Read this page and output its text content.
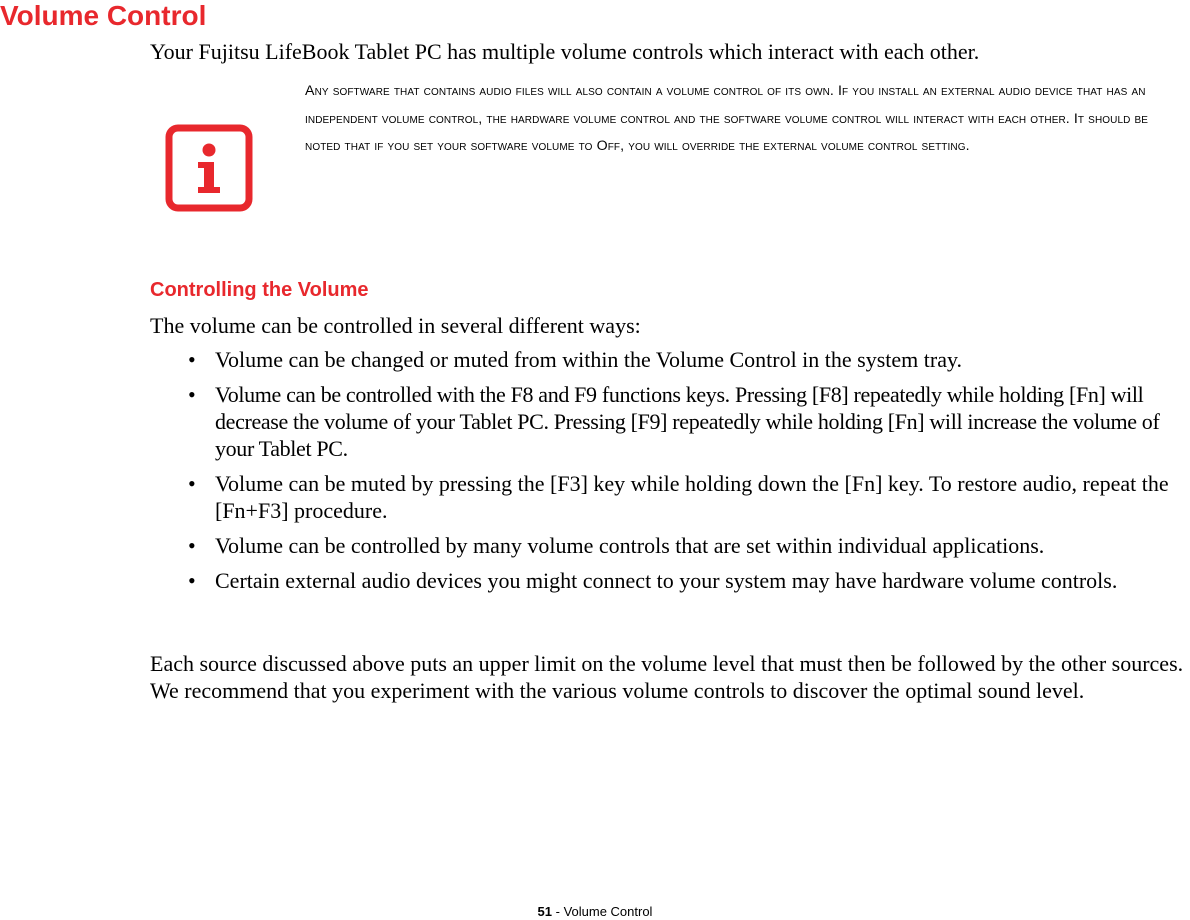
Volume Control

Your Fujitsu LifeBook Tablet PC has multiple volume controls which interact with each other.

Any software that contains audio files will also contain a volume control of its own. If you install an external audio device that has an independent volume control, the hardware volume control and the software volume control will interact with each other. It should be noted that if you set your software volume to Off, you will override the external volume control setting.

Controlling the Volume

The volume can be controlled in several different ways:

• Volume can be changed or muted from within the Volume Control in the system tray.
• Volume can be controlled with the F8 and F9 functions keys. Pressing [F8] repeatedly while holding [Fn] will decrease the volume of your Tablet PC. Pressing [F9] repeatedly while holding [Fn] will increase the volume of your Tablet PC.
• Volume can be muted by pressing the [F3] key while holding down the [Fn] key. To restore audio, repeat the [Fn+F3] procedure.
• Volume can be controlled by many volume controls that are set within individual applications.
• Certain external audio devices you might connect to your system may have hardware volume controls.

Each source discussed above puts an upper limit on the volume level that must then be followed by the other sources. We recommend that you experiment with the various volume controls to discover the optimal sound level.

51 - Volume Control
